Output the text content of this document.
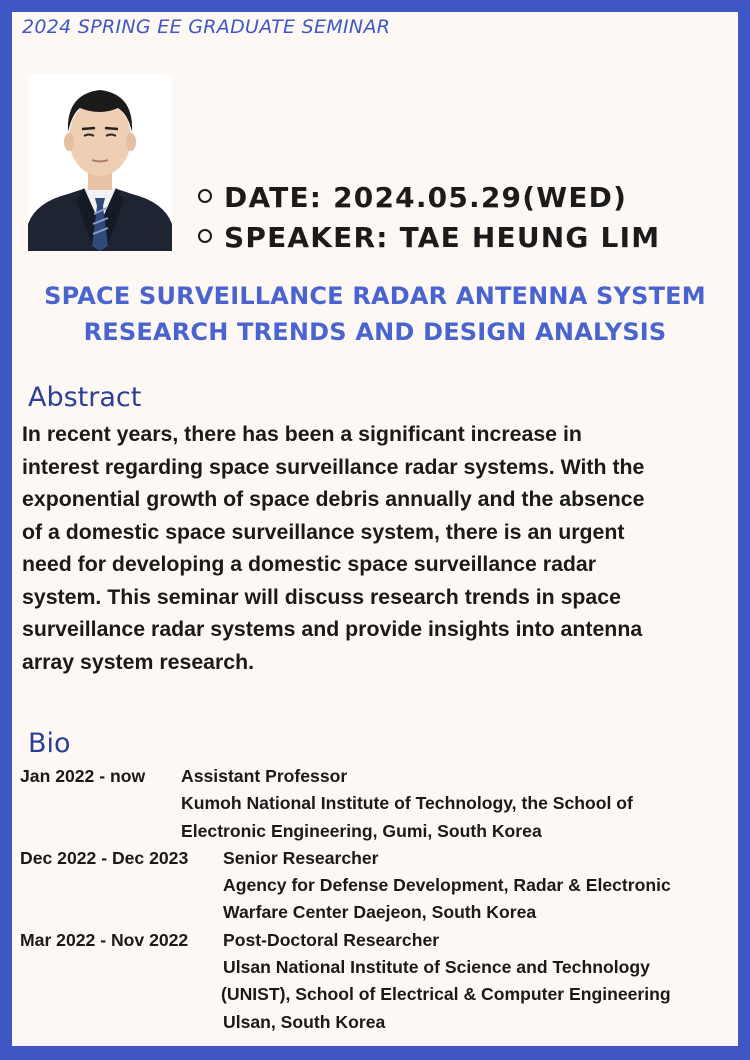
2024 SPRING EE GRADUATE SEMINAR
DATE: 2024.05.29(WED)
SPEAKER: TAE HEUNG LIM
SPACE SURVEILLANCE RADAR ANTENNA SYSTEM
RESEARCH TRENDS AND DESIGN ANALYSIS
Abstract
In recent years, there has been a significant increase in
interest regarding space surveillance radar systems. With the
exponential growth of space debris annually and the absence
of a domestic space surveillance system, there is an urgent
need for developing a domestic space surveillance radar
system. This seminar will discuss research trends in space
surveillance radar systems and provide insights into antenna
array system research.
Bio
Jan 2022 - now Assistant Professor
Kumoh National Institute of Technology, the School of
Electronic Engineering, Gumi, South Korea
Dec 2022 - Dec 2023 Senior Researcher
Agency for Defense Development, Radar & Electronic
Warfare Center Daejeon, South Korea
Mar 2022 - Nov 2022 Post-Doctoral Researcher
Ulsan National Institute of Science and Technology
(UNIST), School of Electrical & Computer Engineering
Ulsan, South Korea
